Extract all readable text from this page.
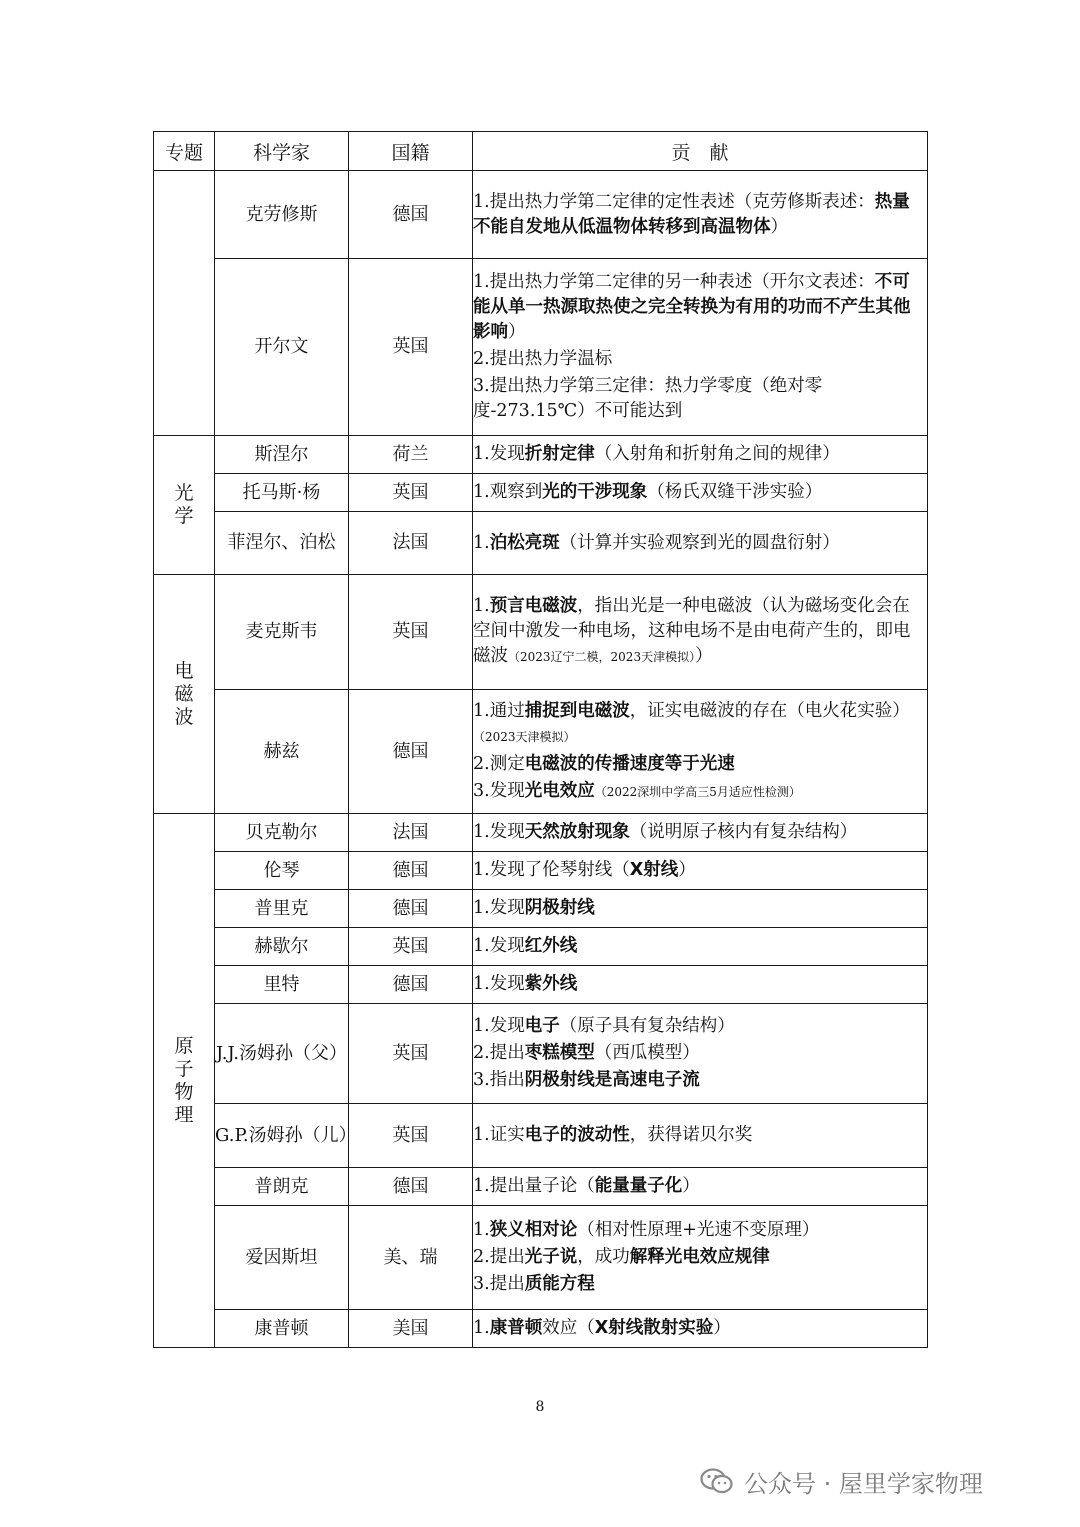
专题	科学家	国籍	贡　献

	克劳修斯	德国	1.提出热力学第二定律的定性表述（克劳修斯表述：热量不能自发地从低温物体转移到高温物体）

	开尔文	英国	1.提出热力学第二定律的另一种表述（开尔文表述：不可能从单一热源取热使之完全转换为有用的功而不产生其他影响）
2.提出热力学温标
3.提出热力学第三定律：热力学零度（绝对零度-273.15℃）不可能达到

光学	斯涅尔	荷兰	1.发现折射定律（入射角和折射角之间的规律）

	托马斯·杨	英国	1.观察到光的干涉现象（杨氏双缝干涉实验）

	菲涅尔、泊松	法国	1.泊松亮斑（计算并实验观察到光的圆盘衍射）

电磁波	麦克斯韦	英国	1.预言电磁波，指出光是一种电磁波（认为磁场变化会在空间中激发一种电场，这种电场不是由电荷产生的，即电磁波（2023辽宁二模，2023天津模拟））

	赫兹	德国	1.通过捕捉到电磁波，证实电磁波的存在（电火花实验）（2023天津模拟）
2.测定电磁波的传播速度等于光速
3.发现光电效应（2022深圳中学高三5月适应性检测）

原子物理	贝克勒尔	法国	1.发现天然放射现象（说明原子核内有复杂结构）

	伦琴	德国	1.发现了伦琴射线（X射线）

	普里克	德国	1.发现阴极射线

	赫歇尔	英国	1.发现红外线

	里特	德国	1.发现紫外线

	J.J.汤姆孙（父）	英国	1.发现电子（原子具有复杂结构）
2.提出枣糕模型（西瓜模型）
3.指出阴极射线是高速电子流

	G.P.汤姆孙（儿）	英国	1.证实电子的波动性，获得诺贝尔奖

	普朗克	德国	1.提出量子论（能量量子化）

	爱因斯坦	美、瑞	1.狭义相对论（相对性原理+光速不变原理）
2.提出光子说，成功解释光电效应规律
3.提出质能方程

	康普顿	美国	1.康普顿效应（X射线散射实验）
8
公众号 · 屋里学家物理
